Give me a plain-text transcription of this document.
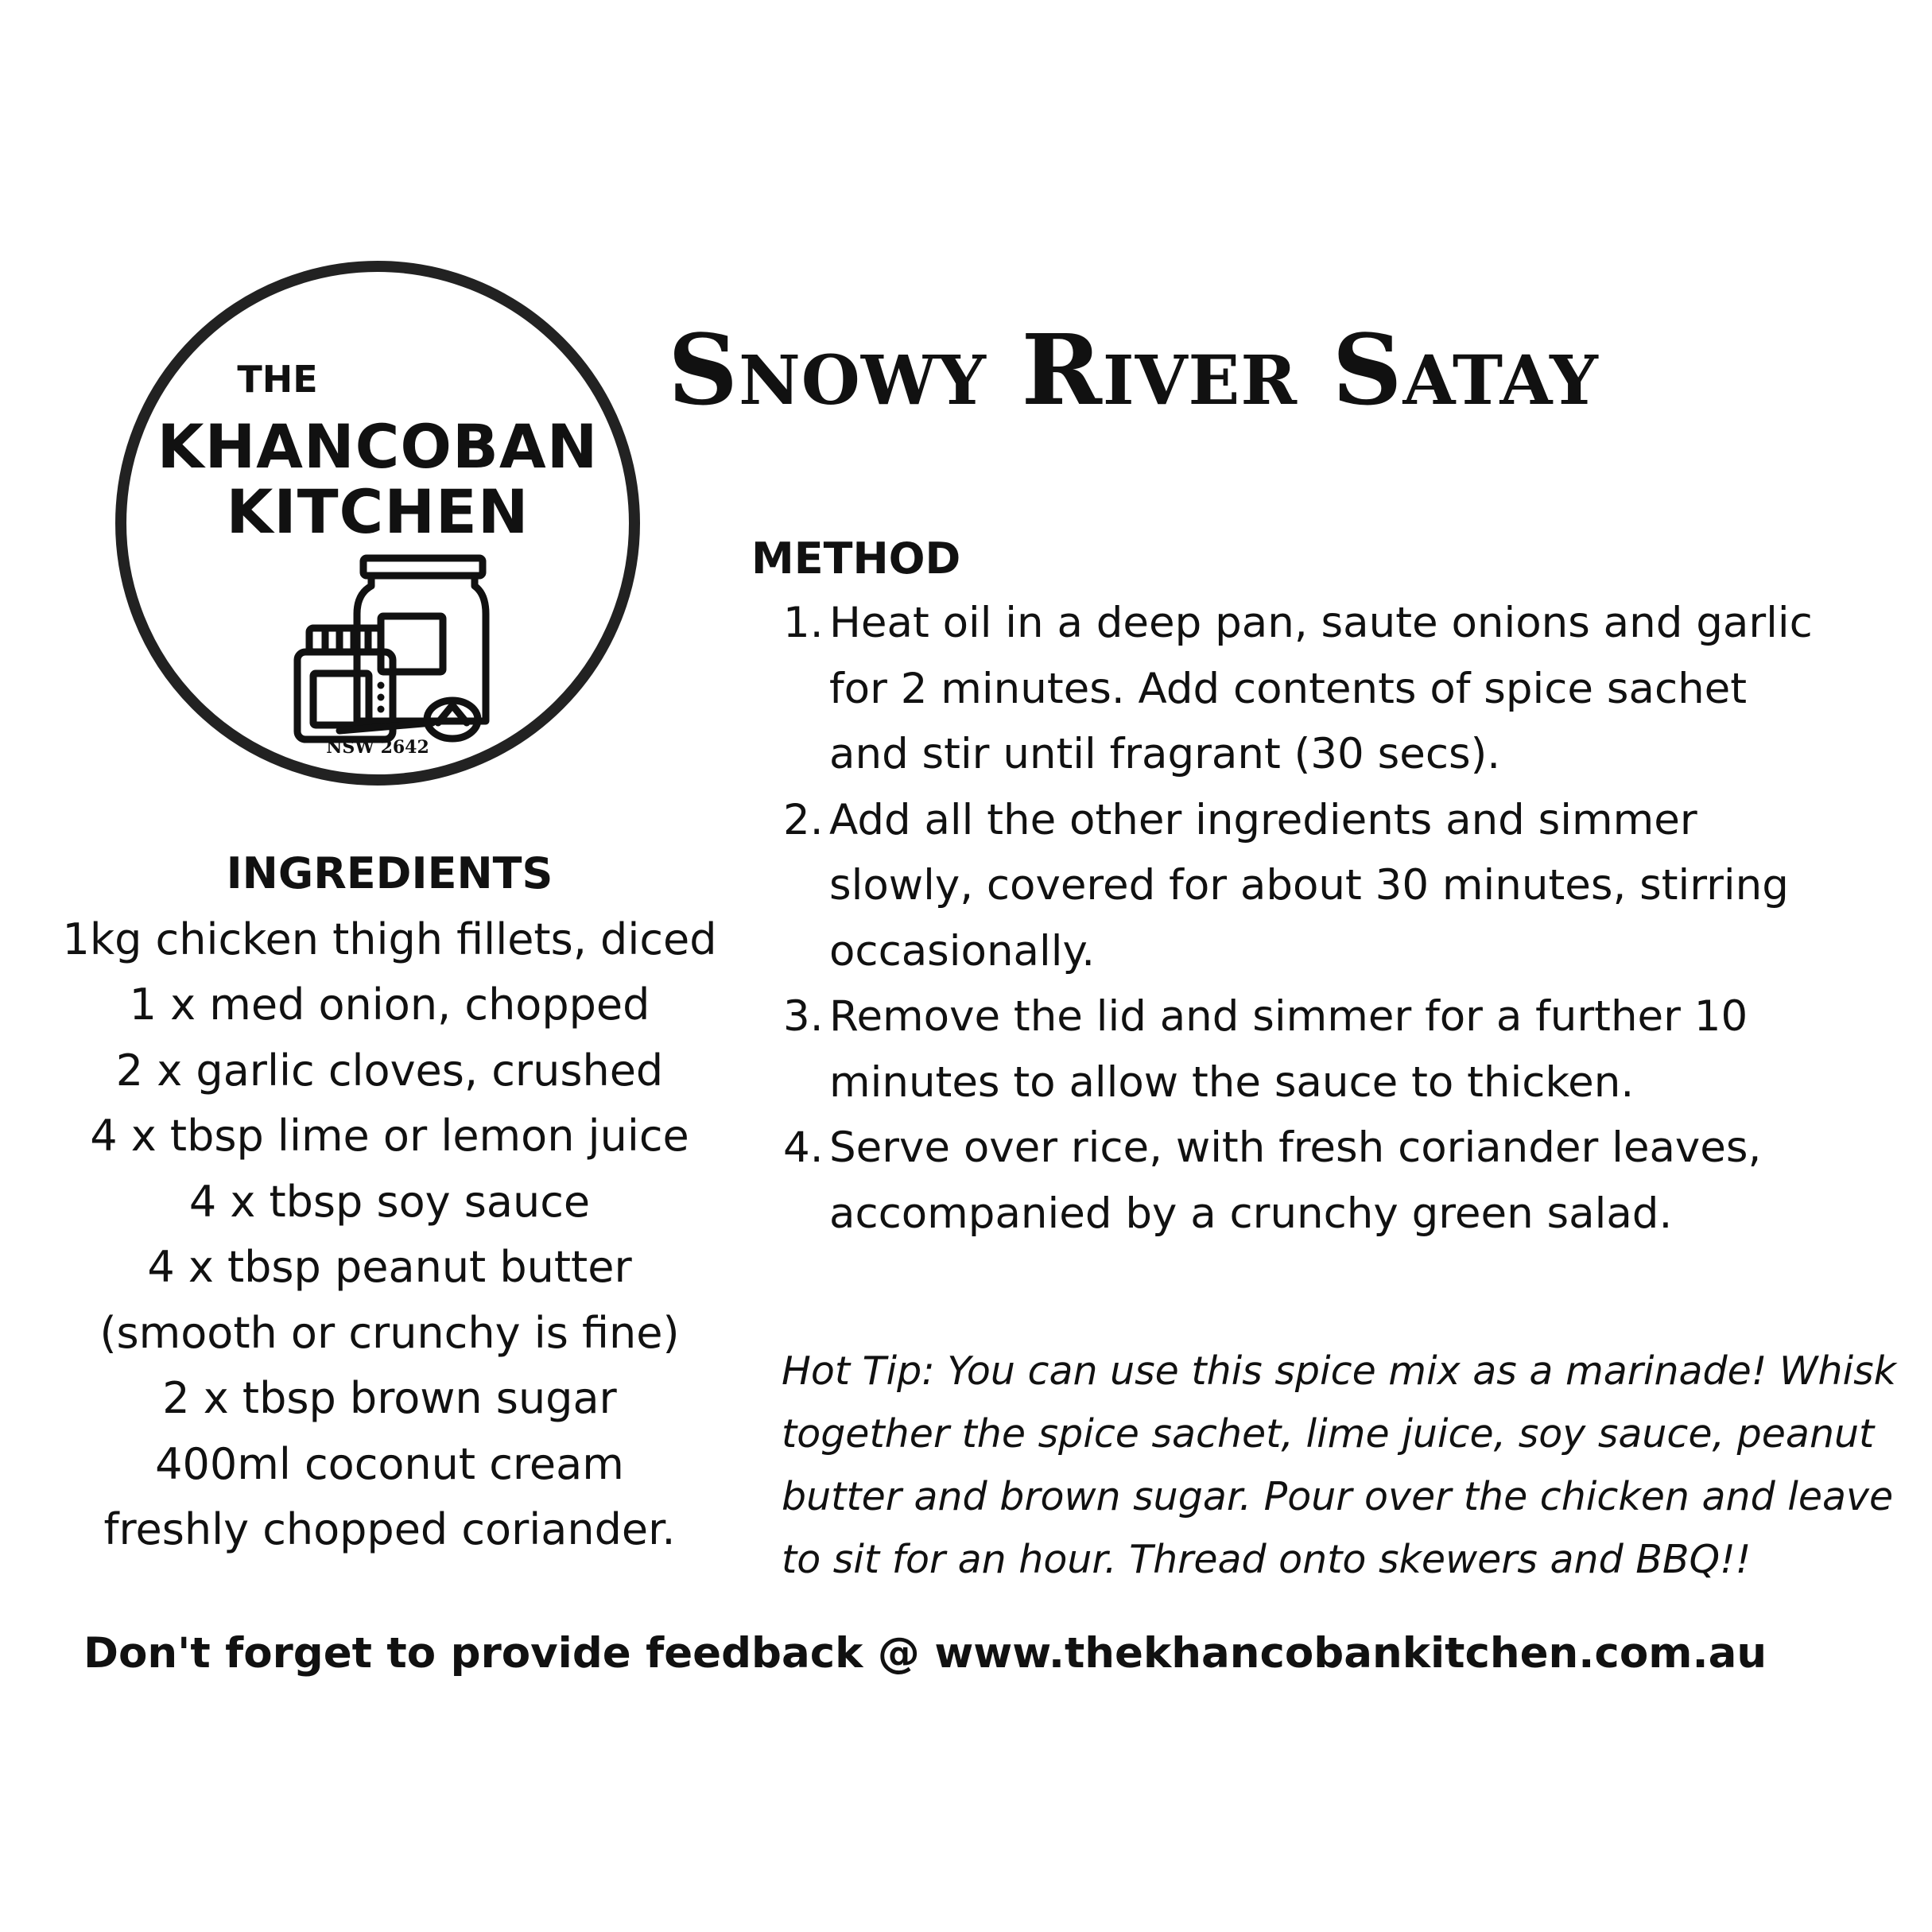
THE
KHANCOBAN
KITCHEN
NSW 2642
Snowy River Satay
INGREDIENTS
1kg chicken thigh fillets, diced
1 x med onion, chopped
2 x garlic cloves, crushed
4 x tbsp lime or lemon juice
4 x tbsp soy sauce
4 x tbsp peanut butter
(smooth or crunchy is fine)
2 x tbsp brown sugar
400ml coconut cream
freshly chopped coriander.
METHOD
1. Heat oil in a deep pan, saute onions and garlic for 2 minutes. Add contents of spice sachet and stir until fragrant (30 secs).
2. Add all the other ingredients and simmer slowly, covered for about 30 minutes, stirring occasionally.
3. Remove the lid and simmer for a further 10 minutes to allow the sauce to thicken.
4. Serve over rice, with fresh coriander leaves, accompanied by a crunchy green salad.
Hot Tip: You can use this spice mix as a marinade! Whisk together the spice sachet, lime juice, soy sauce, peanut butter and brown sugar. Pour over the chicken and leave to sit for an hour. Thread onto skewers and BBQ!!
Don't forget to provide feedback @ www.thekhancobankitchen.com.au
